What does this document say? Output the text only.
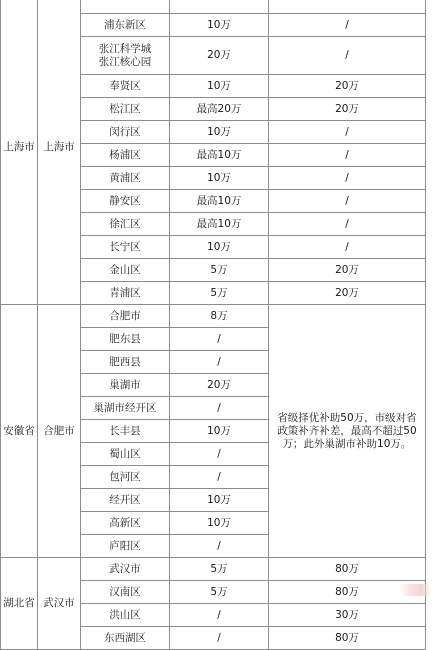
上海市	上海市			
		浦东新区	10万	/
		张江科学城
张江核心园	20万	/
		奉贤区	10万	20万
		松江区	最高20万	20万
		闵行区	10万	/
		杨浦区	最高10万	/
		黄浦区	10万	/
		静安区	最高10万	/
		徐汇区	最高10万	/
		长宁区	10万	/
		金山区	5万	20万
		青浦区	5万	20万
安徽省	合肥市	合肥市	8万	省级择优补助50万，市级对省政策补齐补差，最高不超过50万；此外巢湖市补助10万。
		肥东县	/	
		肥西县	/	
		巢湖市	20万	
		巢湖市经开区	/	
		长丰县	10万	
		蜀山区	/	
		包河区	/	
		经开区	10万	
		高新区	10万	
		庐阳区	/	
湖北省	武汉市	武汉市	5万	80万
		汉南区	5万	80万
		洪山区	/	30万
		东西湖区	/	80万
